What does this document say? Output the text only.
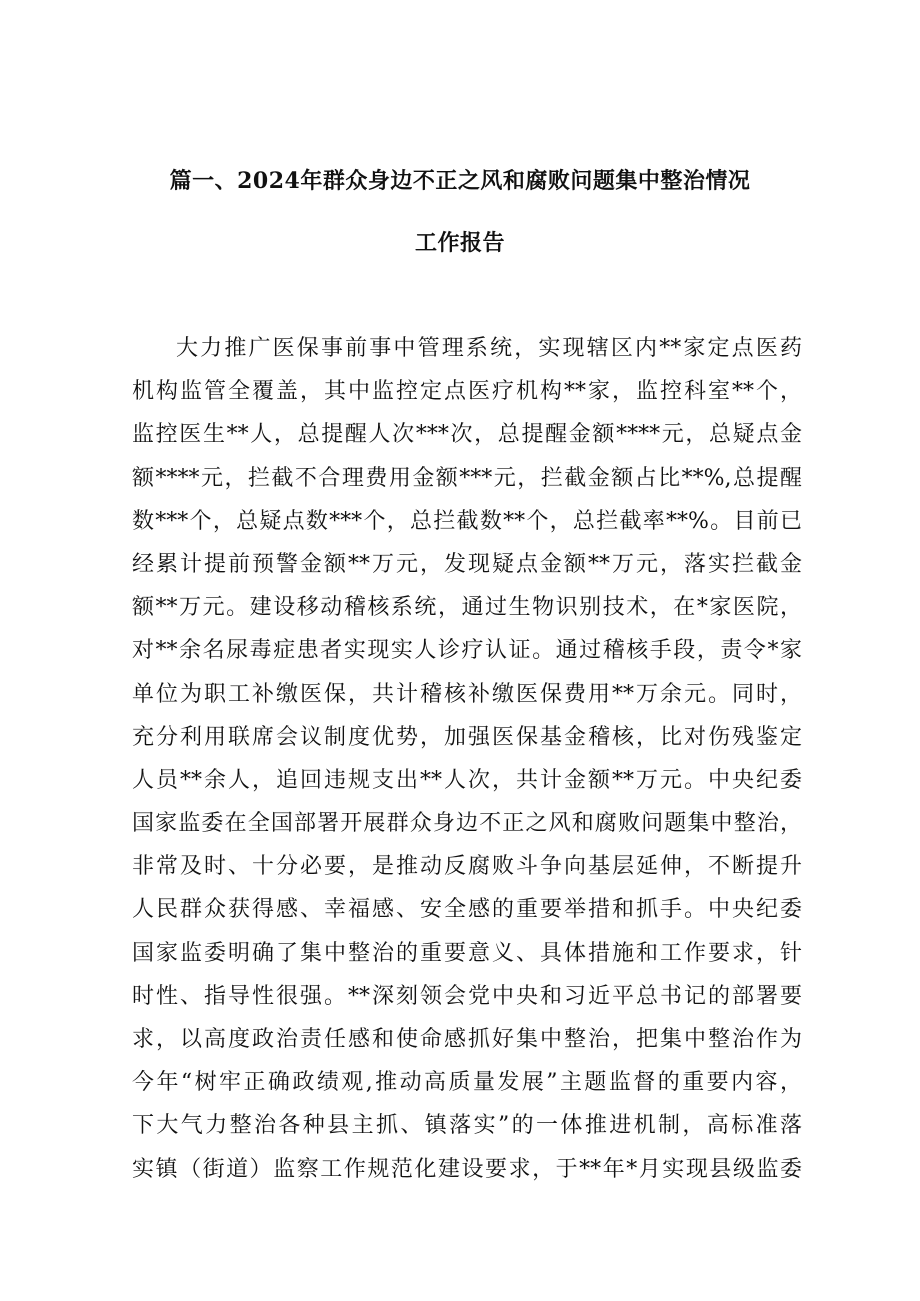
篇一、2024年群众身边不正之风和腐败问题集中整治情况
工作报告
大力推广医保事前事中管理系统，实现辖区内**家定点医药
机构监管全覆盖，其中监控定点医疗机构**家，监控科室**个，
监控医生**人，总提醒人次***次，总提醒金额****元，总疑点金
额****元，拦截不合理费用金额***元，拦截金额占比**%,总提醒
数***个，总疑点数***个，总拦截数**个，总拦截率**%。目前已
经累计提前预警金额**万元，发现疑点金额**万元，落实拦截金
额**万元。建设移动稽核系统，通过生物识别技术，在*家医院，
对**余名尿毒症患者实现实人诊疗认证。通过稽核手段，责令*家
单位为职工补缴医保，共计稽核补缴医保费用**万余元。同时，
充分利用联席会议制度优势，加强医保基金稽核，比对伤残鉴定
人员**余人，追回违规支出**人次，共计金额**万元。中央纪委
国家监委在全国部署开展群众身边不正之风和腐败问题集中整治，
非常及时、十分必要，是推动反腐败斗争向基层延伸，不断提升
人民群众获得感、幸福感、安全感的重要举措和抓手。中央纪委
国家监委明确了集中整治的重要意义、具体措施和工作要求，针
时性、指导性很强。**深刻领会党中央和习近平总书记的部署要
求，以高度政治责任感和使命感抓好集中整治，把集中整治作为
今年“树牢正确政绩观,推动高质量发展”主题监督的重要内容，
下大气力整治各种县主抓、镇落实”的一体推进机制，高标准落
实镇（街道）监察工作规范化建设要求，于**年*月实现县级监委
